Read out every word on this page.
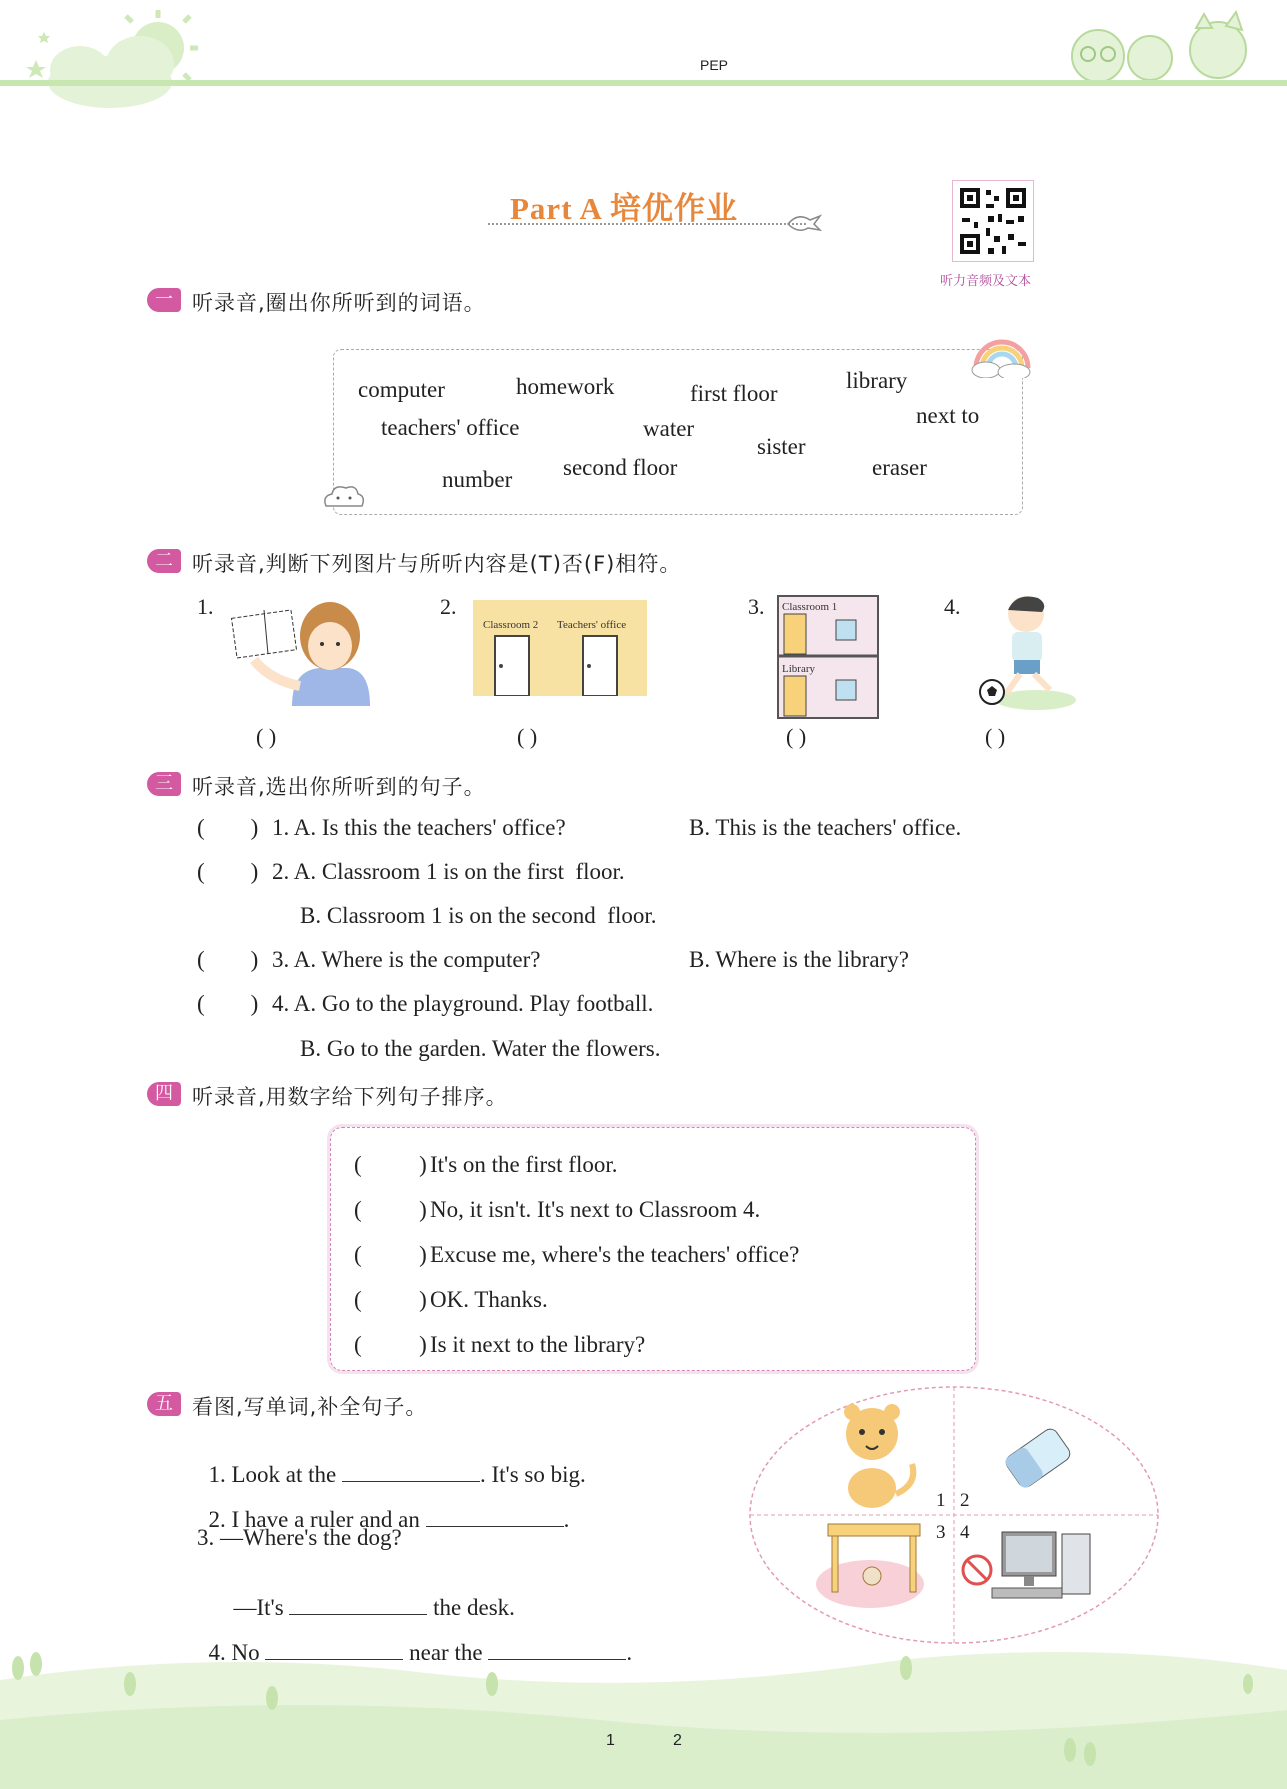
PEP
Part A 培优作业
听力音频及文本
一 听录音,圈出你所听到的词语。
computer	homework	first floor
library
teachers' office	water
next to
sister
number second floor	eraser
二 听录音,判断下列图片与所听内容是(T)否(F)相符。
1.	2.	3.	4.
Classroom 2 Teachers' office
Classroom 1
Library
( )	( )	( )	( )
三 听录音,选出你所听到的句子。
(        ) 1. A. Is this the teachers' office?	B. This is the teachers' office.
(        ) 2. A. Classroom 1 is on the first  floor.
B. Classroom 1 is on the second  floor.
(        ) 3. A. Where is the computer?	B. Where is the library?
(        ) 4. A. Go to the playground. Play football.
B. Go to the garden. Water the flowers.
四 听录音,用数字给下列句子排序。
(          ) It's on the first floor.
(          ) No, it isn't. It's next to Classroom 4.
(          ) Excuse me, where's the teachers' office?
(          ) OK. Thanks.
(          ) Is it next to the library?
五 看图,写单词,补全句子。

1. Look at the	. It's so big.

2. I have a ruler and an	.

3. —Where's the dog?

—It's	the desk.

4. No	near the	.

1 2
3 4
1	2
